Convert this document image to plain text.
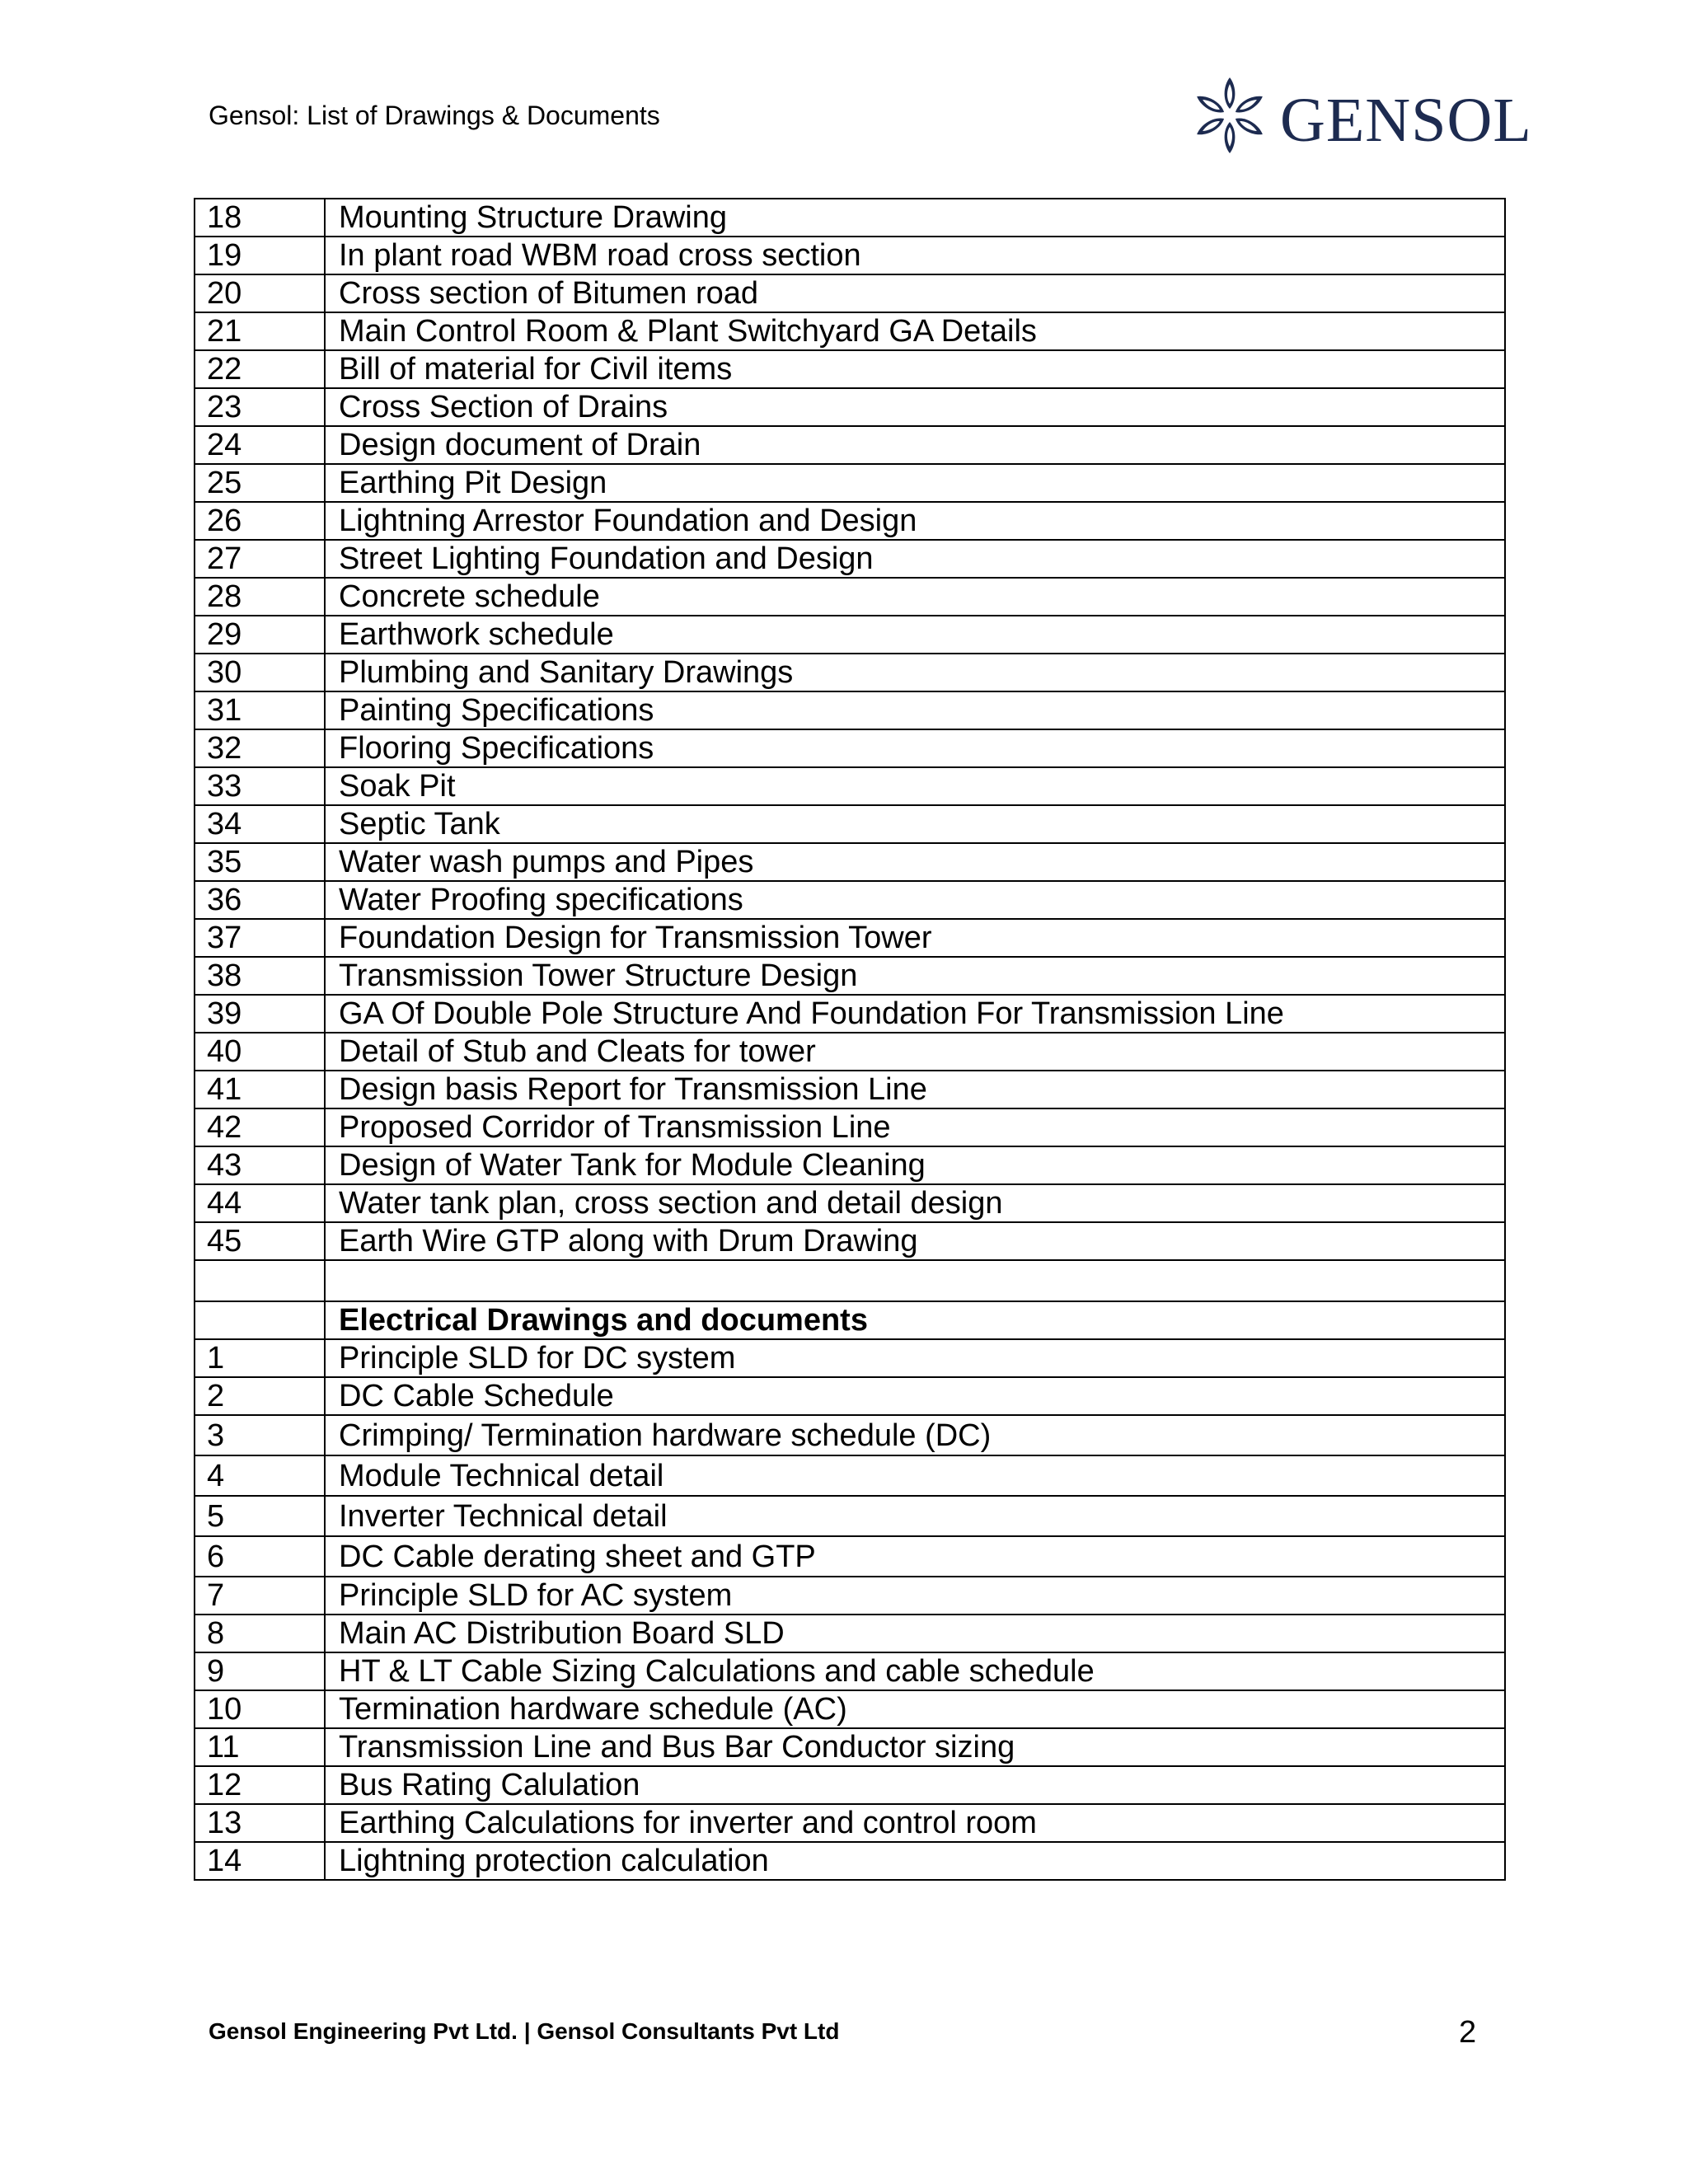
Gensol: List of Drawings & Documents	GENSOL
18	Mounting Structure Drawing
19	In plant road WBM road cross section
20	Cross section of Bitumen road
21	Main Control Room & Plant Switchyard GA Details
22	Bill of material for Civil items
23	Cross Section of Drains
24	Design document of Drain
25	Earthing Pit Design
26	Lightning Arrestor Foundation and Design
27	Street Lighting Foundation and Design
28	Concrete schedule
29	Earthwork schedule
30	Plumbing and Sanitary Drawings
31	Painting Specifications
32	Flooring Specifications
33	Soak Pit
34	Septic Tank
35	Water wash pumps and Pipes
36	Water Proofing specifications
37	Foundation Design for Transmission Tower
38	Transmission Tower Structure Design
39	GA Of Double Pole Structure And Foundation For Transmission Line
40	Detail of Stub and Cleats for tower
41	Design basis Report for Transmission Line
42	Proposed Corridor of Transmission Line
43	Design of Water Tank for Module Cleaning
44	Water tank plan, cross section and detail design
45	Earth Wire GTP along with Drum Drawing

	Electrical Drawings and documents
1	Principle SLD for DC system
2	DC Cable Schedule
3	Crimping/ Termination hardware schedule (DC)
4	Module Technical detail
5	Inverter Technical detail
6	DC Cable derating sheet and GTP
7	Principle SLD for AC system
8	Main AC Distribution Board SLD
9	HT & LT Cable Sizing Calculations and cable schedule
10	Termination hardware schedule (AC)
11	Transmission Line and Bus Bar Conductor sizing
12	Bus Rating Calulation
13	Earthing Calculations for inverter and control room
14	Lightning protection calculation
Gensol Engineering Pvt Ltd. | Gensol Consultants Pvt Ltd	2
